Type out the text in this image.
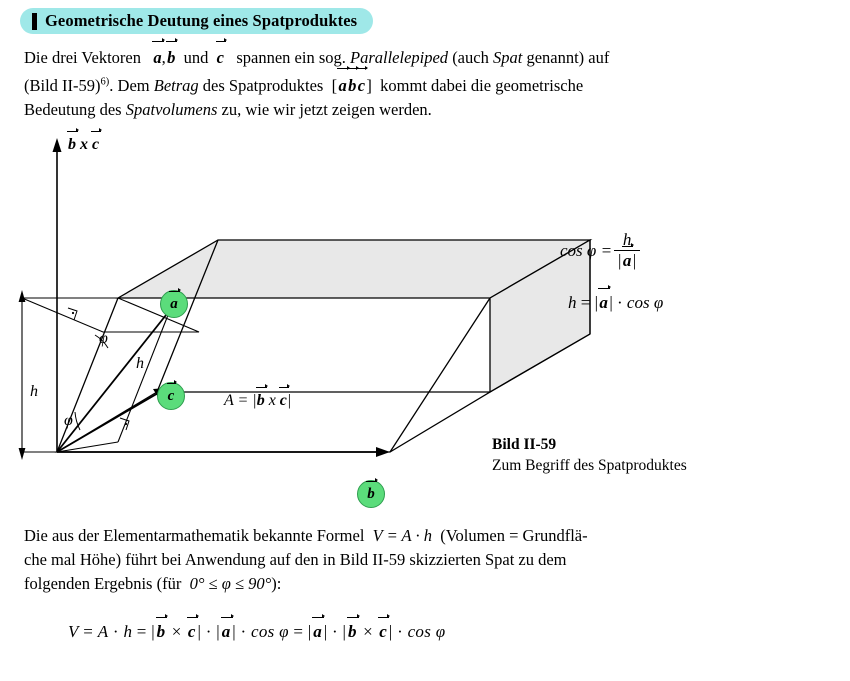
Geometrische Deutung eines Spatproduktes
Die drei Vektoren a, b und c spannen ein sog. Parallelepiped (auch Spat genannt) auf
(Bild II-59)$^{6)}$. Dem Betrag des Spatproduktes  [ a b c ]  kommt dabei die geometrische
Bedeutung des Spatvolumens zu, wie wir jetzt zeigen werden.
b x c
a
c
b
h
h
φ
φ
A = |b x c|
$\cos \varphi = \frac{h}{| a |}$
h = | a | · cos φ
Bild II-59
Zum Begriff des Spatproduktes
Die aus der Elementarmathematik bekannte Formel V = A · h (Volumen = Grundflä-
che mal Höhe) führt bei Anwendung auf den in Bild II-59 skizzierten Spat zu dem
folgenden Ergebnis (für 0° ≤ φ ≤ 90°):
V = A · h = | b  ×  c | · | a | · cos φ = | a | · | b  ×  c | · cos φ
